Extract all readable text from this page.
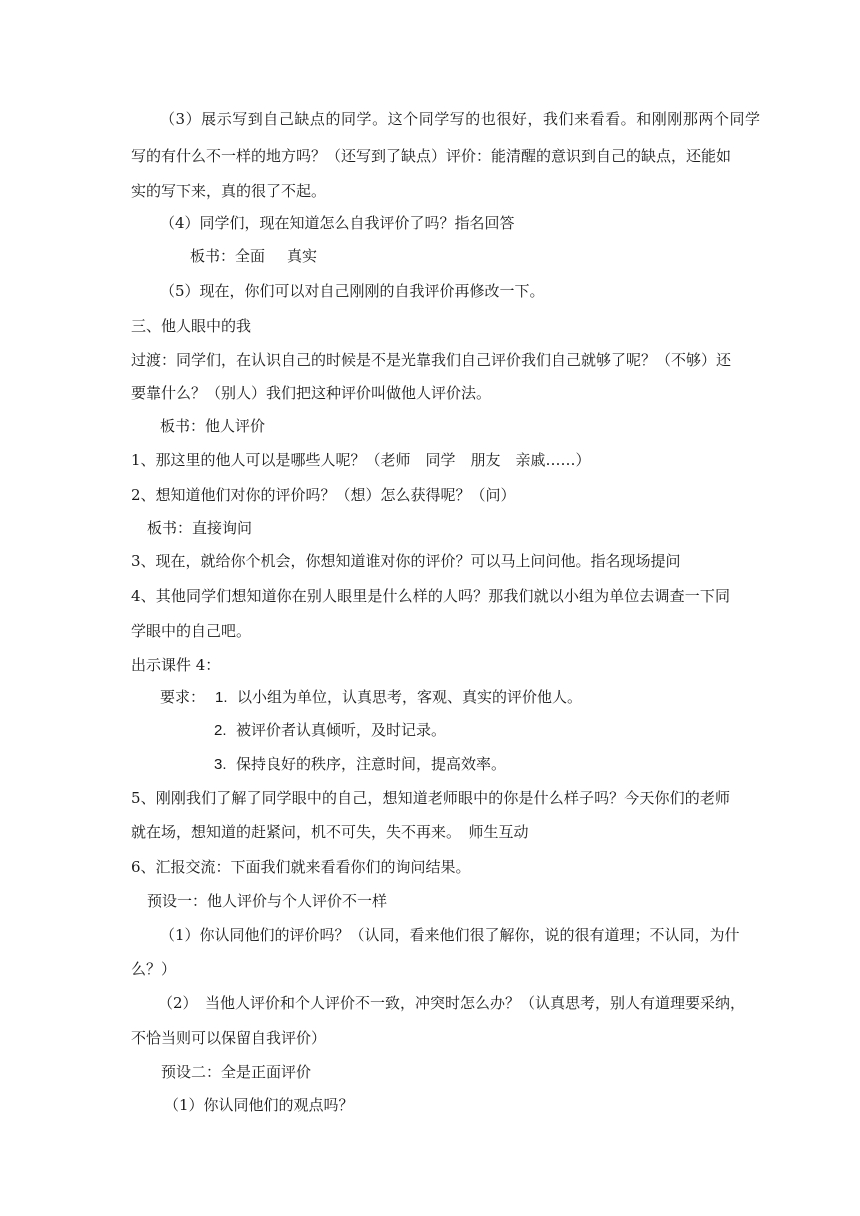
（3）展示写到自己缺点的同学。这个同学写的也很好，我们来看看。和刚刚那两个同学
写的有什么不一样的地方吗？（还写到了缺点）评价：能清醒的意识到自己的缺点，还能如
实的写下来，真的很了不起。
（4）同学们，现在知道怎么自我评价了吗？指名回答
板书：全面 真实
（5）现在，你们可以对自己刚刚的自我评价再修改一下。
三、他人眼中的我
过渡：同学们，在认识自己的时候是不是光靠我们自己评价我们自己就够了呢？（不够）还
要靠什么？（别人）我们把这种评价叫做他人评价法。
板书：他人评价
1、那这里的他人可以是哪些人呢？（老师　同学　朋友　亲戚……）
2、想知道他们对你的评价吗？（想）怎么获得呢？（问）
板书：直接询问
3、现在，就给你个机会，你想知道谁对你的评价？可以马上问问他。指名现场提问
4、其他同学们想知道你在别人眼里是什么样的人吗？那我们就以小组为单位去调查一下同
学眼中的自己吧。
出示课件 4：
要求： 1. 以小组为单位，认真思考，客观、真实的评价他人。
2. 被评价者认真倾听，及时记录。
3. 保持良好的秩序，注意时间，提高效率。
5、刚刚我们了解了同学眼中的自己，想知道老师眼中的你是什么样子吗？今天你们的老师
就在场，想知道的赶紧问，机不可失，失不再来。　师生互动
6、汇报交流：下面我们就来看看你们的询问结果。
预设一：他人评价与个人评价不一样
（1）你认同他们的评价吗？（认同，看来他们很了解你，说的很有道理；不认同，为什
么？）
（2）　当他人评价和个人评价不一致，冲突时怎么办？（认真思考，别人有道理要采纳，
不恰当则可以保留自我评价）
预设二：全是正面评价
（1）你认同他们的观点吗？
